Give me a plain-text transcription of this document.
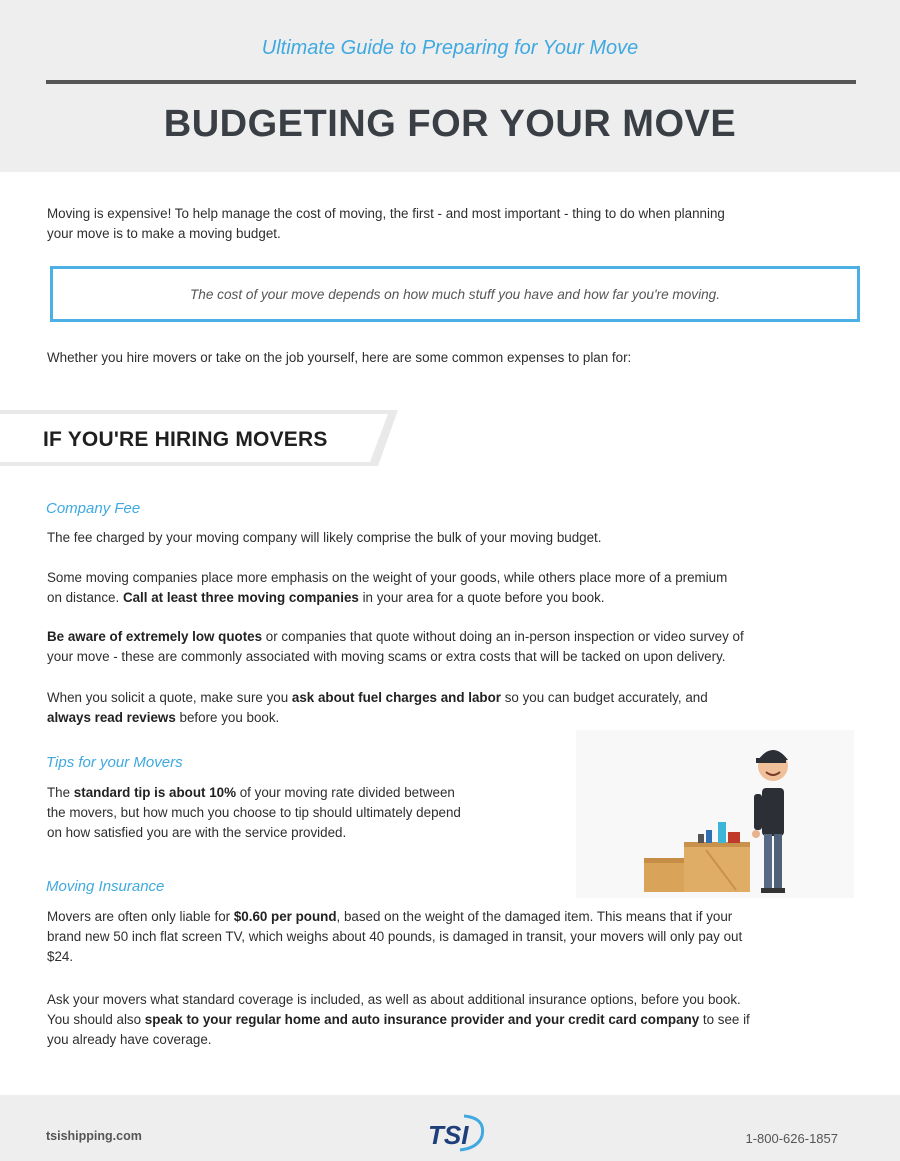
Ultimate Guide to Preparing for Your Move
BUDGETING FOR YOUR MOVE
Moving is expensive! To help manage the cost of moving, the first - and most important - thing to do when planning
your move is to make a moving budget.
The cost of your move depends on how much stuff you have and how far you're moving.
Whether you hire movers or take on the job yourself, here are some common expenses to plan for:
IF YOU'RE HIRING MOVERS
Company Fee
The fee charged by your moving company will likely comprise the bulk of your moving budget.
Some moving companies place more emphasis on the weight of your goods, while others place more of a premium
on distance. Call at least three moving companies in your area for a quote before you book.
Be aware of extremely low quotes or companies that quote without doing an in-person inspection or video survey of
your move - these are commonly associated with moving scams or extra costs that will be tacked on upon delivery.
When you solicit a quote, make sure you ask about fuel charges and labor so you can budget accurately, and
always read reviews before you book.
Tips for your Movers
The standard tip is about 10% of your moving rate divided between
the movers, but how much you choose to tip should ultimately depend
on how satisfied you are with the service provided.
Moving Insurance
Movers are often only liable for $0.60 per pound, based on the weight of the damaged item. This means that if your
brand new 50 inch flat screen TV, which weighs about 40 pounds, is damaged in transit, your movers will only pay out
$24.
Ask your movers what standard coverage is included, as well as about additional insurance options, before you book.
You should also speak to your regular home and auto insurance provider and your credit card company to see if
you already have coverage.
tsishipping.com	TSI	1-800-626-1857
